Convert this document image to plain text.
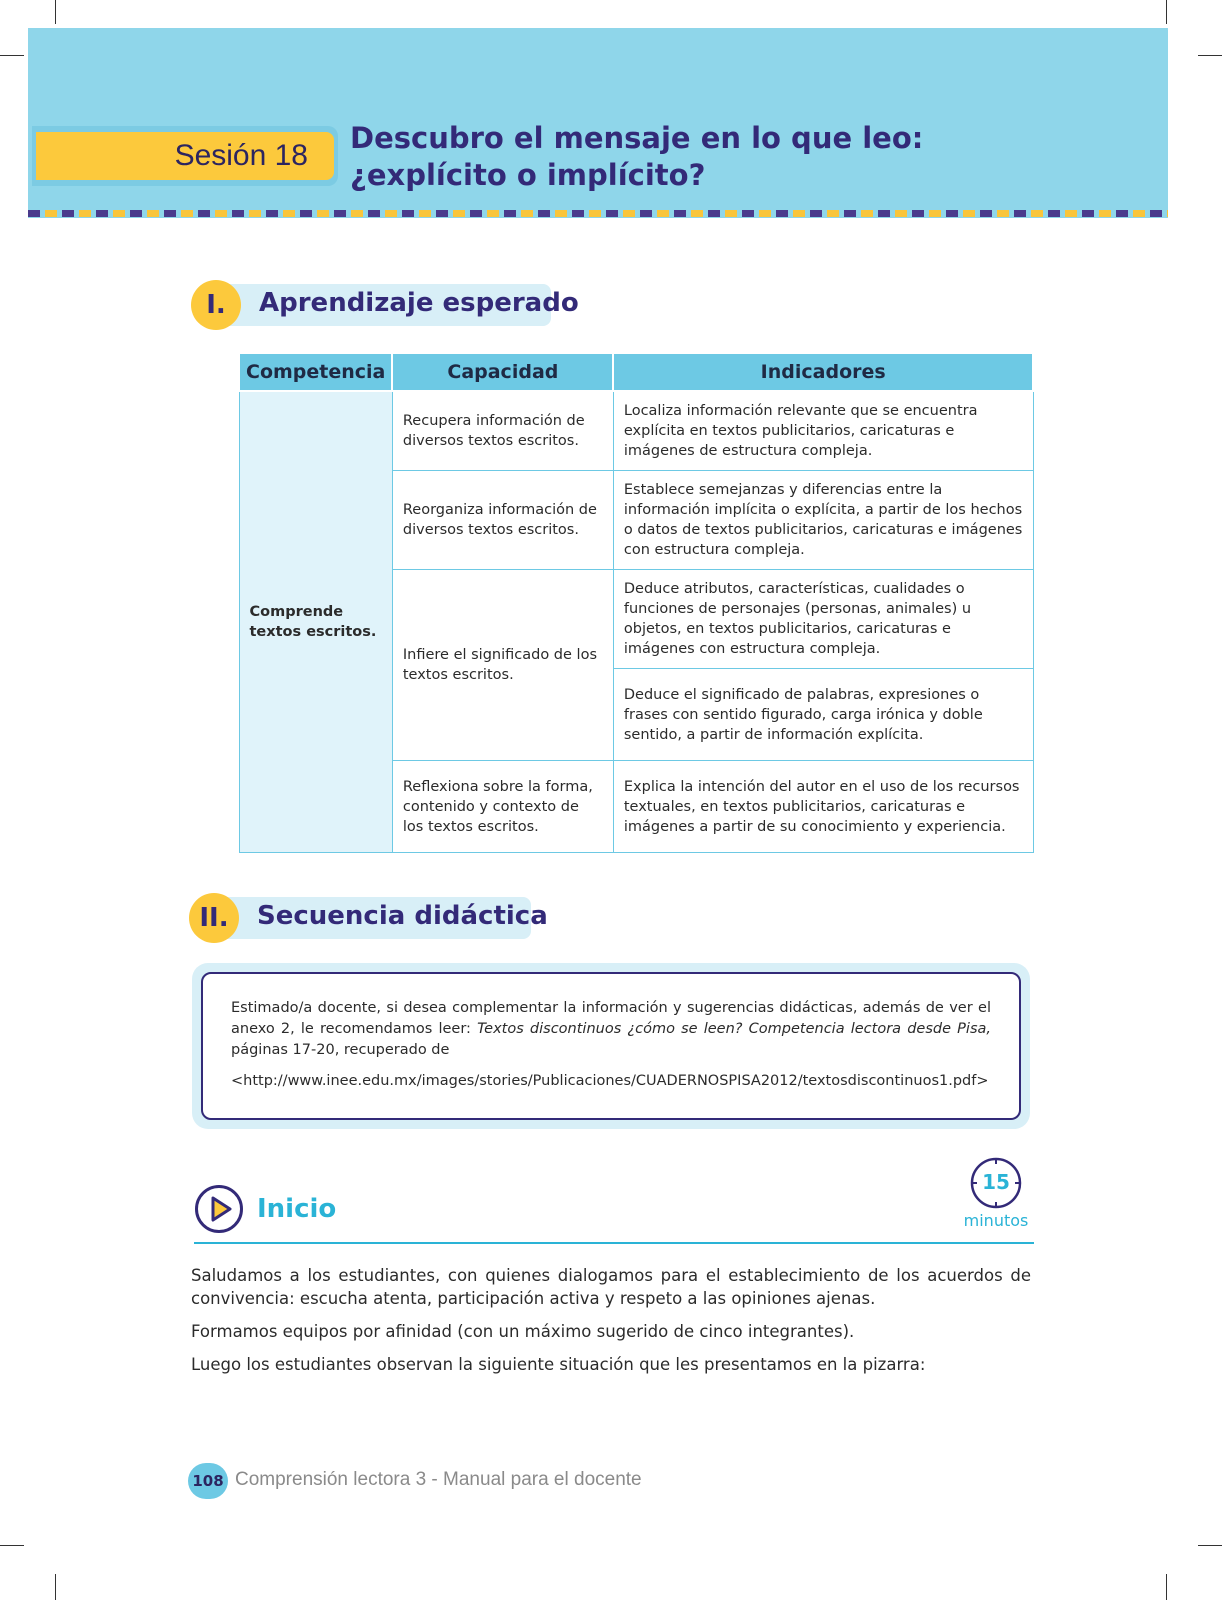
Sesión 18
Descubro el mensaje en lo que leo:
¿explícito o implícito?
I.	Aprendizaje esperado
Competencia	Capacidad	Indicadores
Comprende textos escritos.	Recupera información de diversos textos escritos.	Localiza información relevante que se encuentra explícita en textos publicitarios, caricaturas e imágenes de estructura compleja.
	Reorganiza información de diversos textos escritos.	Establece semejanzas y diferencias entre la información implícita o explícita, a partir de los hechos o datos de textos publicitarios, caricaturas e imágenes con estructura compleja.
	Infiere el significado de los textos escritos.	Deduce atributos, características, cualidades o funciones de personajes (personas, animales) u objetos, en textos publicitarios, caricaturas e imágenes con estructura compleja.
		Deduce el significado de palabras, expresiones o frases con sentido figurado, carga irónica y doble sentido, a partir de información explícita.
	Reflexiona sobre la forma, contenido y contexto de los textos escritos.	Explica la intención del autor en el uso de los recursos textuales, en textos publicitarios, caricaturas e imágenes a partir de su conocimiento y experiencia.
II.	Secuencia didáctica
Estimado/a docente, si desea complementar la información y sugerencias didácticas, además de ver el anexo 2, le recomendamos leer: Textos discontinuos ¿cómo se leen? Competencia lectora desde Pisa, páginas 17-20, recuperado de
<http://www.inee.edu.mx/images/stories/Publicaciones/CUADERNOSPISA2012/textosdiscontinuos1.pdf>
Inicio
15
minutos

Saludamos a los estudiantes, con quienes dialogamos para el establecimiento de los acuerdos de convivencia: escucha atenta, participación activa y respeto a las opiniones ajenas.

Formamos equipos por afinidad (con un máximo sugerido de cinco integrantes).

Luego los estudiantes observan la siguiente situación que les presentamos en la pizarra:

108 Comprensión lectora 3 - Manual para el docente
